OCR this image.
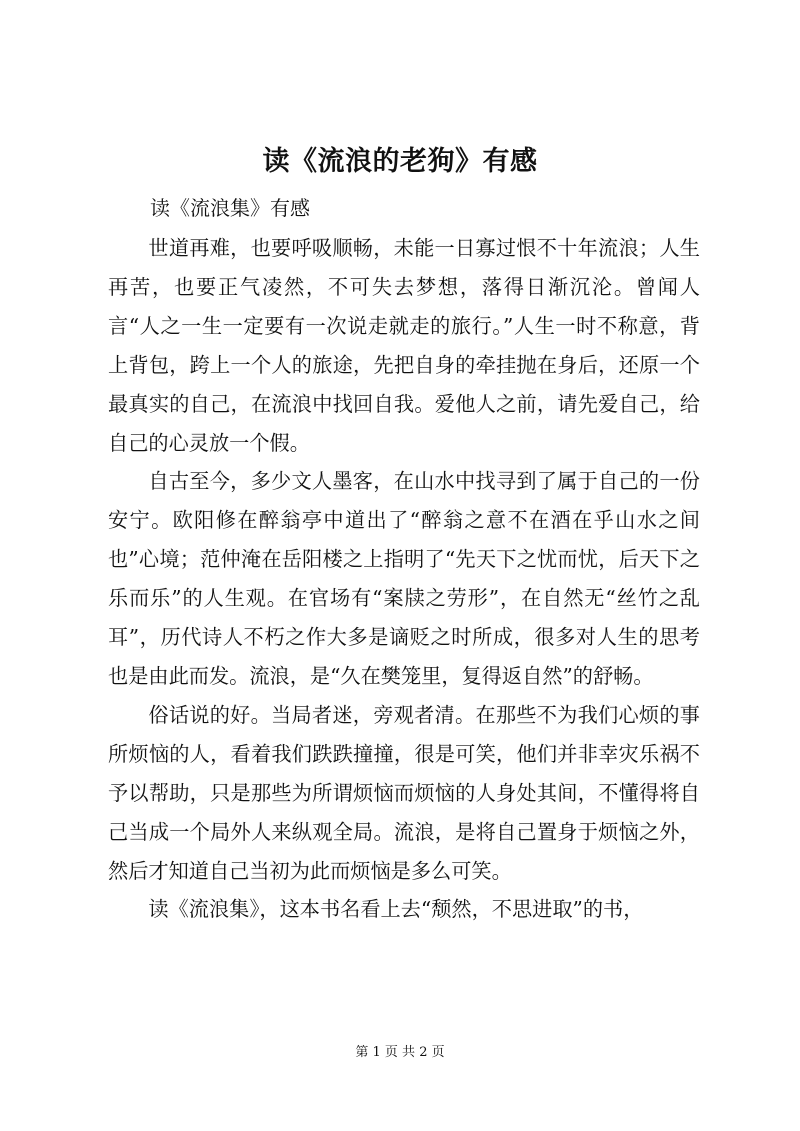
读《流浪的老狗》有感
读《流浪集》有感

世道再难，也要呼吸顺畅，未能一日寡过恨不十年流浪；人生再苦，也要正气凌然，不可失去梦想，落得日渐沉沦。曾闻人言“人之一生一定要有一次说走就走的旅行。”人生一时不称意，背上背包，跨上一个人的旅途，先把自身的牵挂抛在身后，还原一个最真实的自己，在流浪中找回自我。爱他人之前，请先爱自己，给自己的心灵放一个假。

自古至今，多少文人墨客，在山水中找寻到了属于自己的一份安宁。欧阳修在醉翁亭中道出了“醉翁之意不在酒在乎山水之间也”心境；范仲淹在岳阳楼之上指明了“先天下之忧而忧，后天下之乐而乐”的人生观。在官场有“案牍之劳形”，在自然无“丝竹之乱耳”，历代诗人不朽之作大多是谪贬之时所成，很多对人生的思考也是由此而发。流浪，是“久在樊笼里，复得返自然”的舒畅。

俗话说的好。当局者迷，旁观者清。在那些不为我们心烦的事所烦恼的人，看着我们跌跌撞撞，很是可笑，他们并非幸灾乐祸不予以帮助，只是那些为所谓烦恼而烦恼的人身处其间，不懂得将自己当成一个局外人来纵观全局。流浪，是将自己置身于烦恼之外，然后才知道自己当初为此而烦恼是多么可笑。

读《流浪集》，这本书名看上去“颓然，不思进取”的书，

第 1 页 共 2 页
